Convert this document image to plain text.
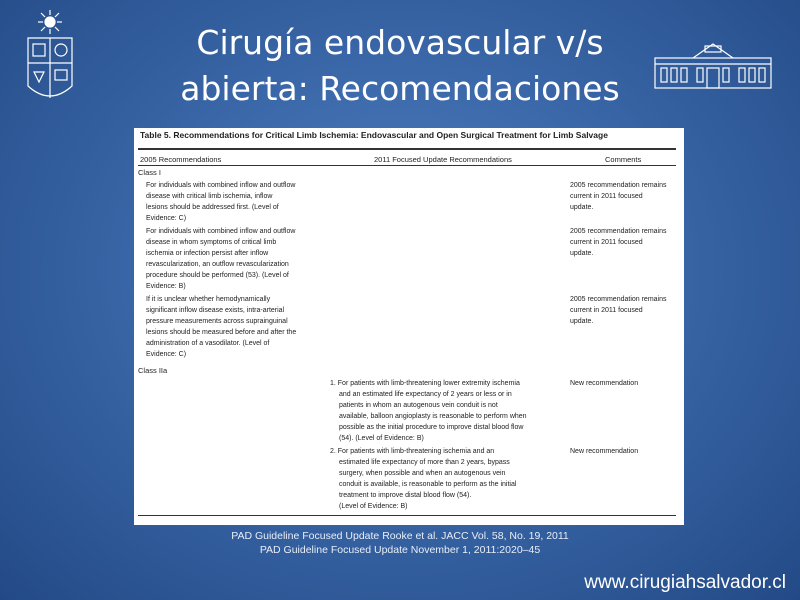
Cirugía endovascular v/s
abierta: Recomendaciones
Table 5. Recommendations for Critical Limb Ischemia: Endovascular and Open Surgical Treatment for Limb Salvage
2005 Recommendations	2011 Focused Update Recommendations	Comments
Class I
For individuals with combined inflow and outflow
disease with critical limb ischemia, inflow
lesions should be addressed first. (Level of
Evidence: C)
2005 recommendation remains
current in 2011 focused
update.
For individuals with combined inflow and outflow
disease in whom symptoms of critical limb
ischemia or infection persist after inflow
revascularization, an outflow revascularization
procedure should be performed (53). (Level of
Evidence: B)
2005 recommendation remains
current in 2011 focused
update.
If it is unclear whether hemodynamically
significant inflow disease exists, intra-arterial
pressure measurements across suprainguinal
lesions should be measured before and after the
administration of a vasodilator. (Level of
Evidence: C)
2005 recommendation remains
current in 2011 focused
update.
Class IIa
1. For patients with limb-threatening lower extremity ischemia
and an estimated life expectancy of 2 years or less or in
patients in whom an autogenous vein conduit is not
available, balloon angioplasty is reasonable to perform when
possible as the initial procedure to improve distal blood flow
(54). (Level of Evidence: B)
New recommendation
2. For patients with limb-threatening ischemia and an
estimated life expectancy of more than 2 years, bypass
surgery, when possible and when an autogenous vein
conduit is available, is reasonable to perform as the initial
treatment to improve distal blood flow (54).
(Level of Evidence: B)
New recommendation
PAD Guideline Focused Update Rooke et al. JACC Vol. 58, No. 19, 2011
PAD Guideline Focused Update November 1, 2011:2020–45
www.cirugiahsalvador.cl
